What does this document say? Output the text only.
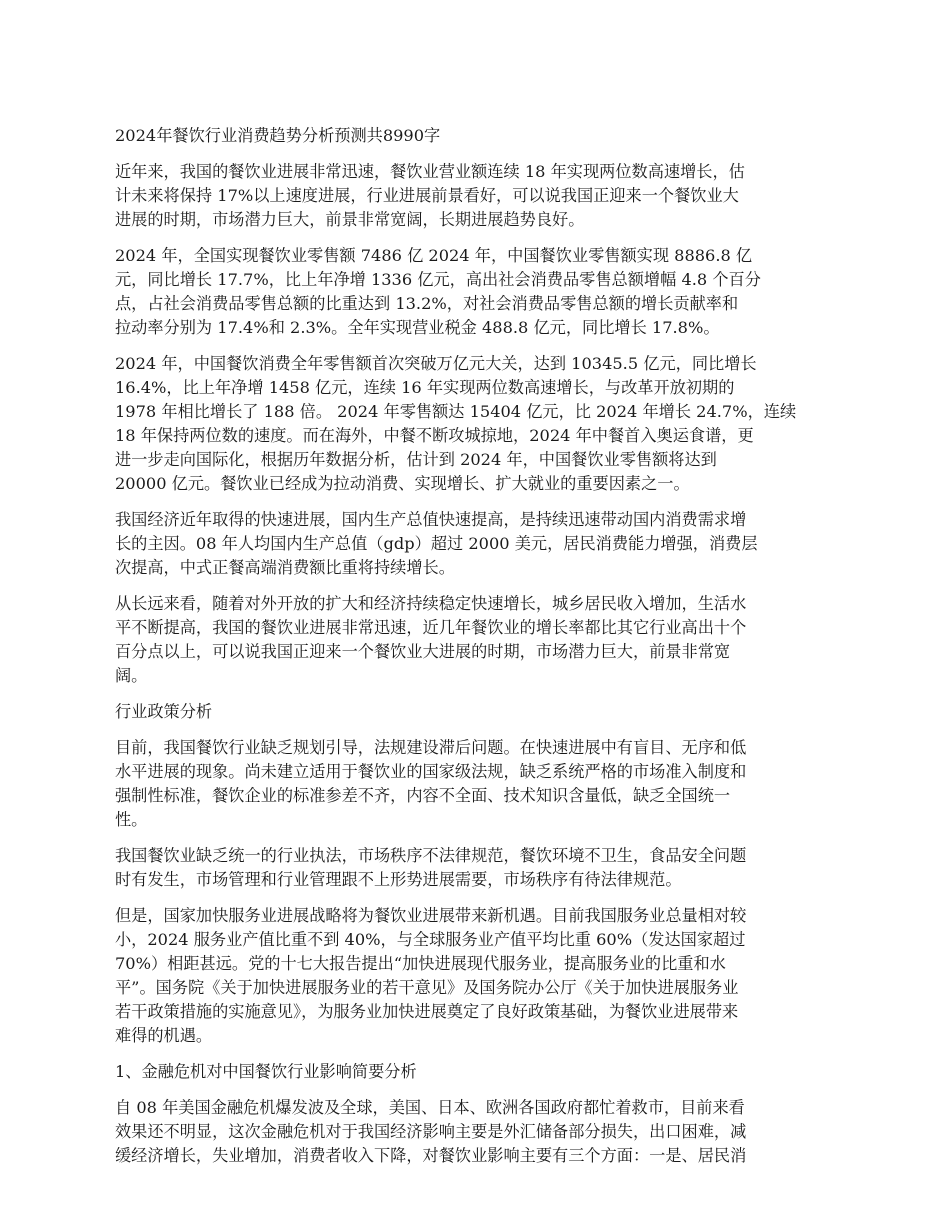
2024年餐饮行业消费趋势分析预测共8990字
近年来，我国的餐饮业进展非常迅速，餐饮业营业额连续 18 年实现两位数高速增长，估
计未来将保持 17%以上速度进展，行业进展前景看好，可以说我国正迎来一个餐饮业大
进展的时期，市场潜力巨大，前景非常宽阔，长期进展趋势良好。
2024 年，全国实现餐饮业零售额 7486 亿 2024 年，中国餐饮业零售额实现 8886.8 亿
元，同比增长 17.7%，比上年净增 1336 亿元，高出社会消费品零售总额增幅 4.8 个百分
点，占社会消费品零售总额的比重达到 13.2%，对社会消费品零售总额的增长贡献率和
拉动率分别为 17.4%和 2.3%。全年实现营业税金 488.8 亿元，同比增长 17.8%。
2024 年，中国餐饮消费全年零售额首次突破万亿元大关，达到 10345.5 亿元，同比增长
16.4%，比上年净增 1458 亿元，连续 16 年实现两位数高速增长，与改革开放初期的
1978 年相比增长了 188 倍。 2024 年零售额达 15404 亿元，比 2024 年增长 24.7%，连续
18 年保持两位数的速度。而在海外，中餐不断攻城掠地，2024 年中餐首入奥运食谱，更
进一步走向国际化，根据历年数据分析，估计到 2024 年，中国餐饮业零售额将达到
20000 亿元。餐饮业已经成为拉动消费、实现增长、扩大就业的重要因素之一。
我国经济近年取得的快速进展，国内生产总值快速提高，是持续迅速带动国内消费需求增
长的主因。08 年人均国内生产总值（gdp）超过 2000 美元，居民消费能力增强，消费层
次提高，中式正餐高端消费额比重将持续增长。
从长远来看，随着对外开放的扩大和经济持续稳定快速增长，城乡居民收入增加，生活水
平不断提高，我国的餐饮业进展非常迅速，近几年餐饮业的增长率都比其它行业高出十个
百分点以上，可以说我国正迎来一个餐饮业大进展的时期，市场潜力巨大，前景非常宽
阔。
行业政策分析
目前，我国餐饮行业缺乏规划引导，法规建设滞后问题。在快速进展中有盲目、无序和低
水平进展的现象。尚未建立适用于餐饮业的国家级法规，缺乏系统严格的市场准入制度和
强制性标准，餐饮企业的标准参差不齐，内容不全面、技术知识含量低，缺乏全国统一
性。
我国餐饮业缺乏统一的行业执法，市场秩序不法律规范，餐饮环境不卫生，食品安全问题
时有发生，市场管理和行业管理跟不上形势进展需要，市场秩序有待法律规范。
但是，国家加快服务业进展战略将为餐饮业进展带来新机遇。目前我国服务业总量相对较
小，2024 服务业产值比重不到 40%，与全球服务业产值平均比重 60%（发达国家超过
70%）相距甚远。党的十七大报告提出“加快进展现代服务业，提高服务业的比重和水
平”。国务院《关于加快进展服务业的若干意见》及国务院办公厅《关于加快进展服务业
若干政策措施的实施意见》，为服务业加快进展奠定了良好政策基础，为餐饮业进展带来
难得的机遇。
1、金融危机对中国餐饮行业影响简要分析
自 08 年美国金融危机爆发波及全球，美国、日本、欧洲各国政府都忙着救市，目前来看
效果还不明显，这次金融危机对于我国经济影响主要是外汇储备部分损失，出口困难，减
缓经济增长，失业增加，消费者收入下降，对餐饮业影响主要有三个方面：一是、居民消
